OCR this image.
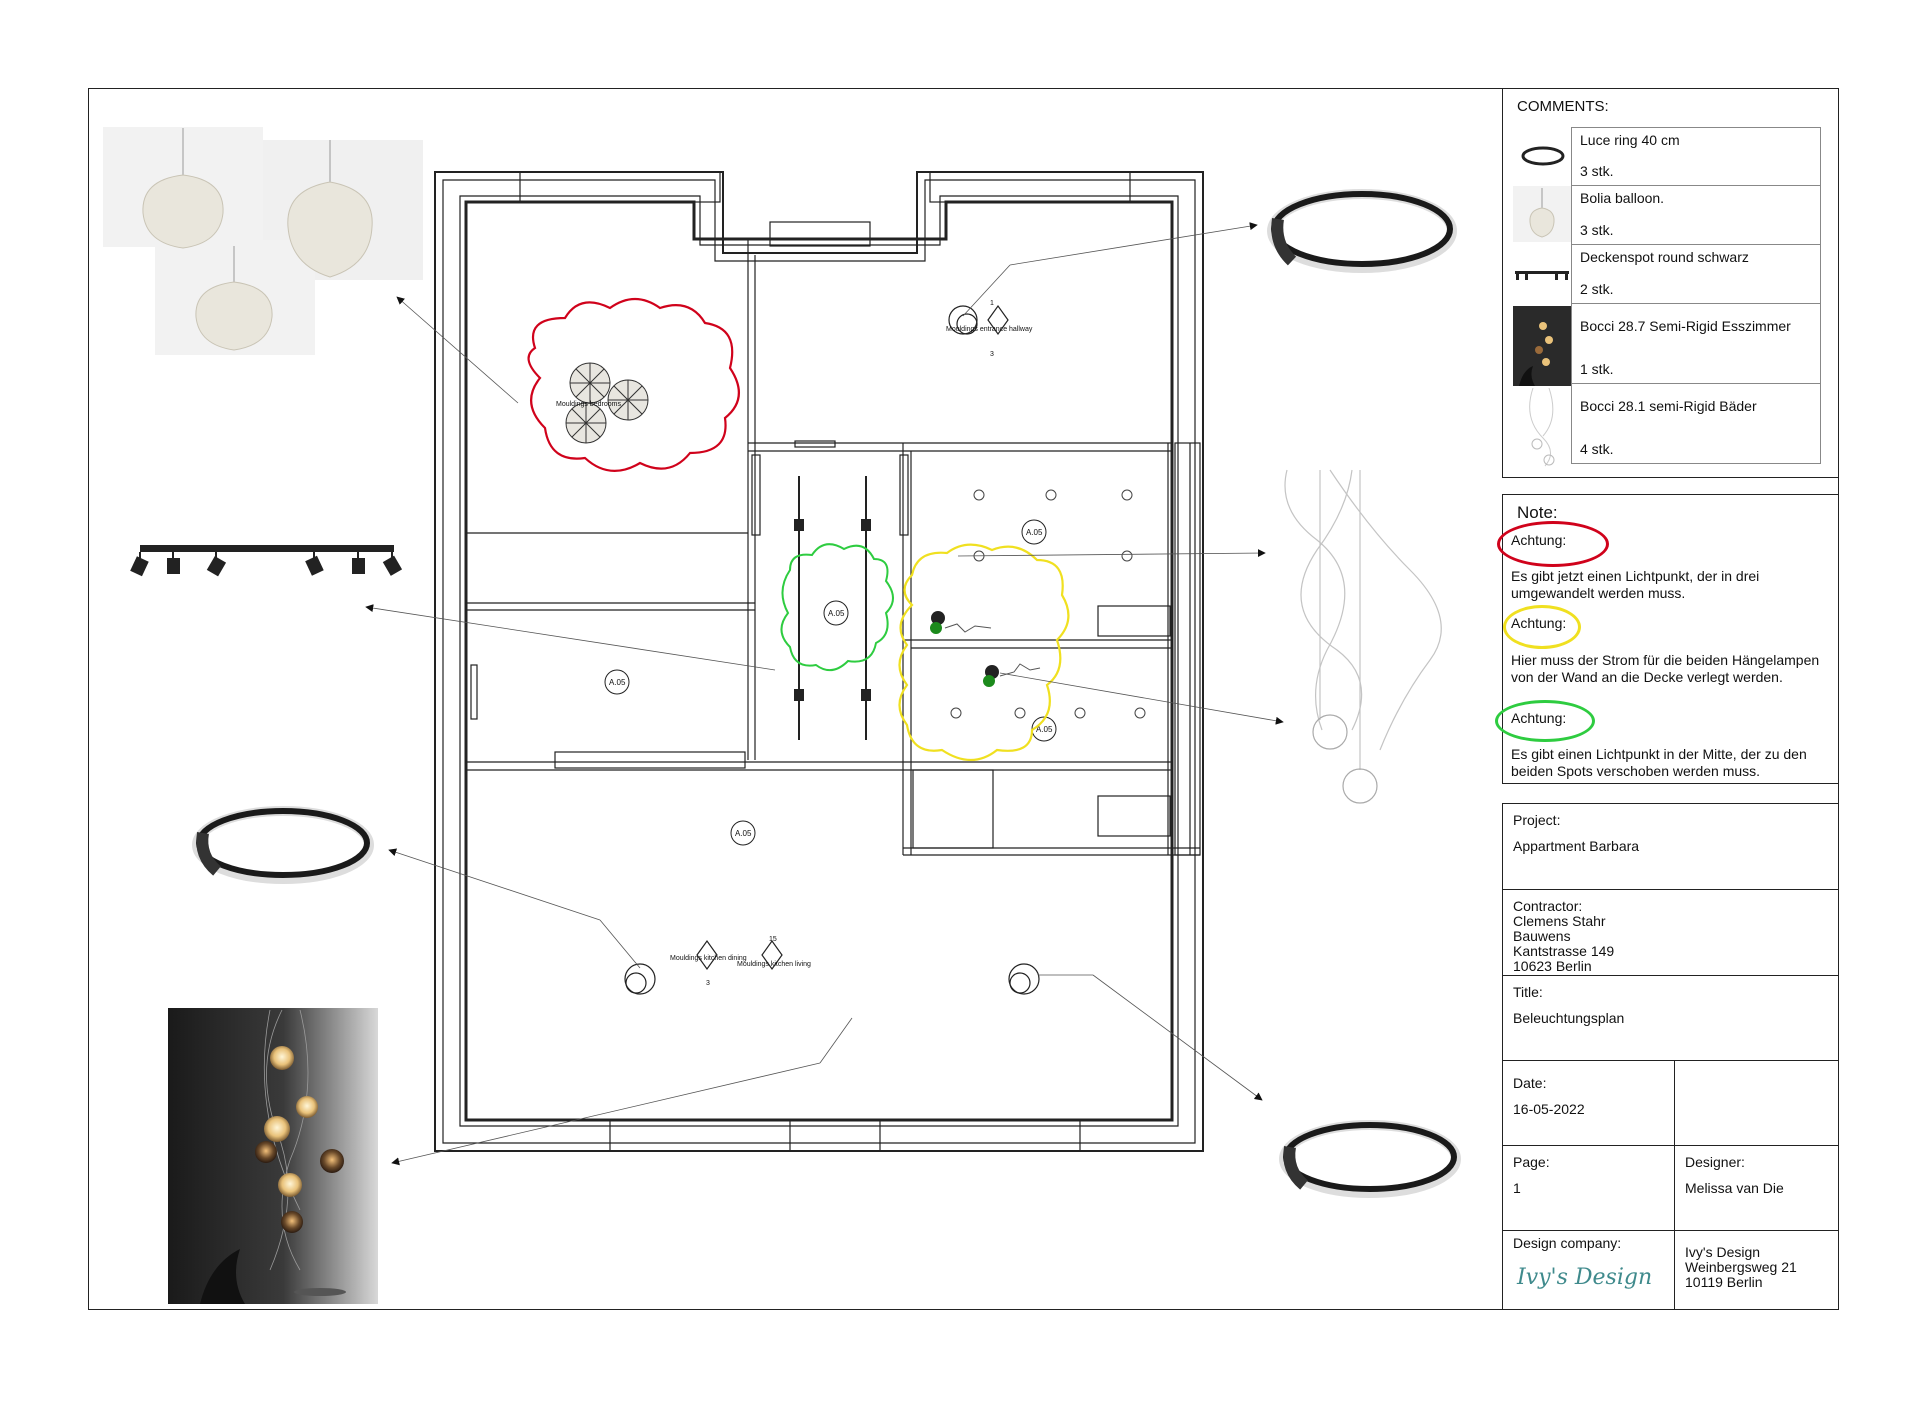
A.05
A.05
A.05
A.05
A.05
Mouldings entrance hallway
Mouldings bedrooms
Mouldings kitchen dining
Mouldings kitchen living
1
3
15
3
COMMENTS:
Luce ring 40 cm
3 stk.
Bolia balloon.
3 stk.
Deckenspot round schwarz
2 stk.
Bocci 28.7 Semi-Rigid Esszimmer
1 stk.
Bocci 28.1 semi-Rigid Bäder
4 stk.
Note:
Achtung:
Es gibt jetzt einen Lichtpunkt, der in drei umgewandelt werden muss.
Achtung:
Hier muss der Strom für die beiden Hängelampen von der Wand an die Decke verlegt werden.
Achtung:
Es gibt einen Lichtpunkt in der Mitte, der zu den beiden Spots verschoben werden muss.
Project:
Appartment Barbara
Contractor:
Clemens Stahr
Bauwens
Kantstrasse 149
10623 Berlin
Title:
Beleuchtungsplan
Date:
16-05-2022
Page:
1
Designer:
Melissa van Die
Design company:
Ivy's Design
Ivy's Design
Weinbergsweg 21
10119 Berlin
